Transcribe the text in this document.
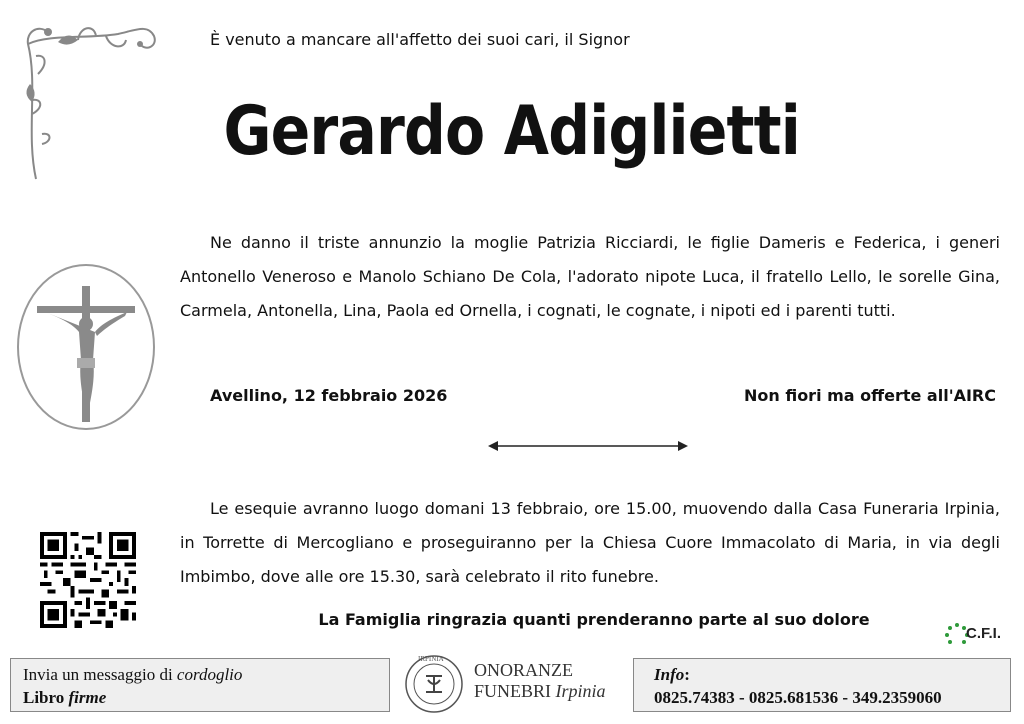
È venuto a mancare all'affetto dei suoi cari, il Signor
Gerardo Adiglietti
Ne danno il triste annunzio la moglie Patrizia Ricciardi, le figlie Dameris e Federica, i generi Antonello Veneroso e Manolo Schiano De Cola, l'adorato nipote Luca, il fratello Lello, le sorelle Gina, Carmela, Antonella, Lina, Paola ed Ornella, i cognati, le cognate, i nipoti ed i parenti tutti.
Avellino, 12 febbraio 2026	Non fiori ma offerte all'AIRC
Le esequie avranno luogo domani 13 febbraio, ore 15.00, muovendo dalla Casa Funeraria Irpinia, in Torrette di Mercogliano e proseguiranno per la Chiesa Cuore Immacolato di Maria, in via degli Imbimbo, dove alle ore 15.30, sarà celebrato il rito funebre.
La Famiglia ringrazia quanti prenderanno parte al suo dolore
C.F.I.
Invia un messaggio di cordoglio
Libro firme
IRPINIA
ONORANZE
FUNEBRI Irpinia
Info:
0825.74383 - 0825.681536 - 349.2359060
